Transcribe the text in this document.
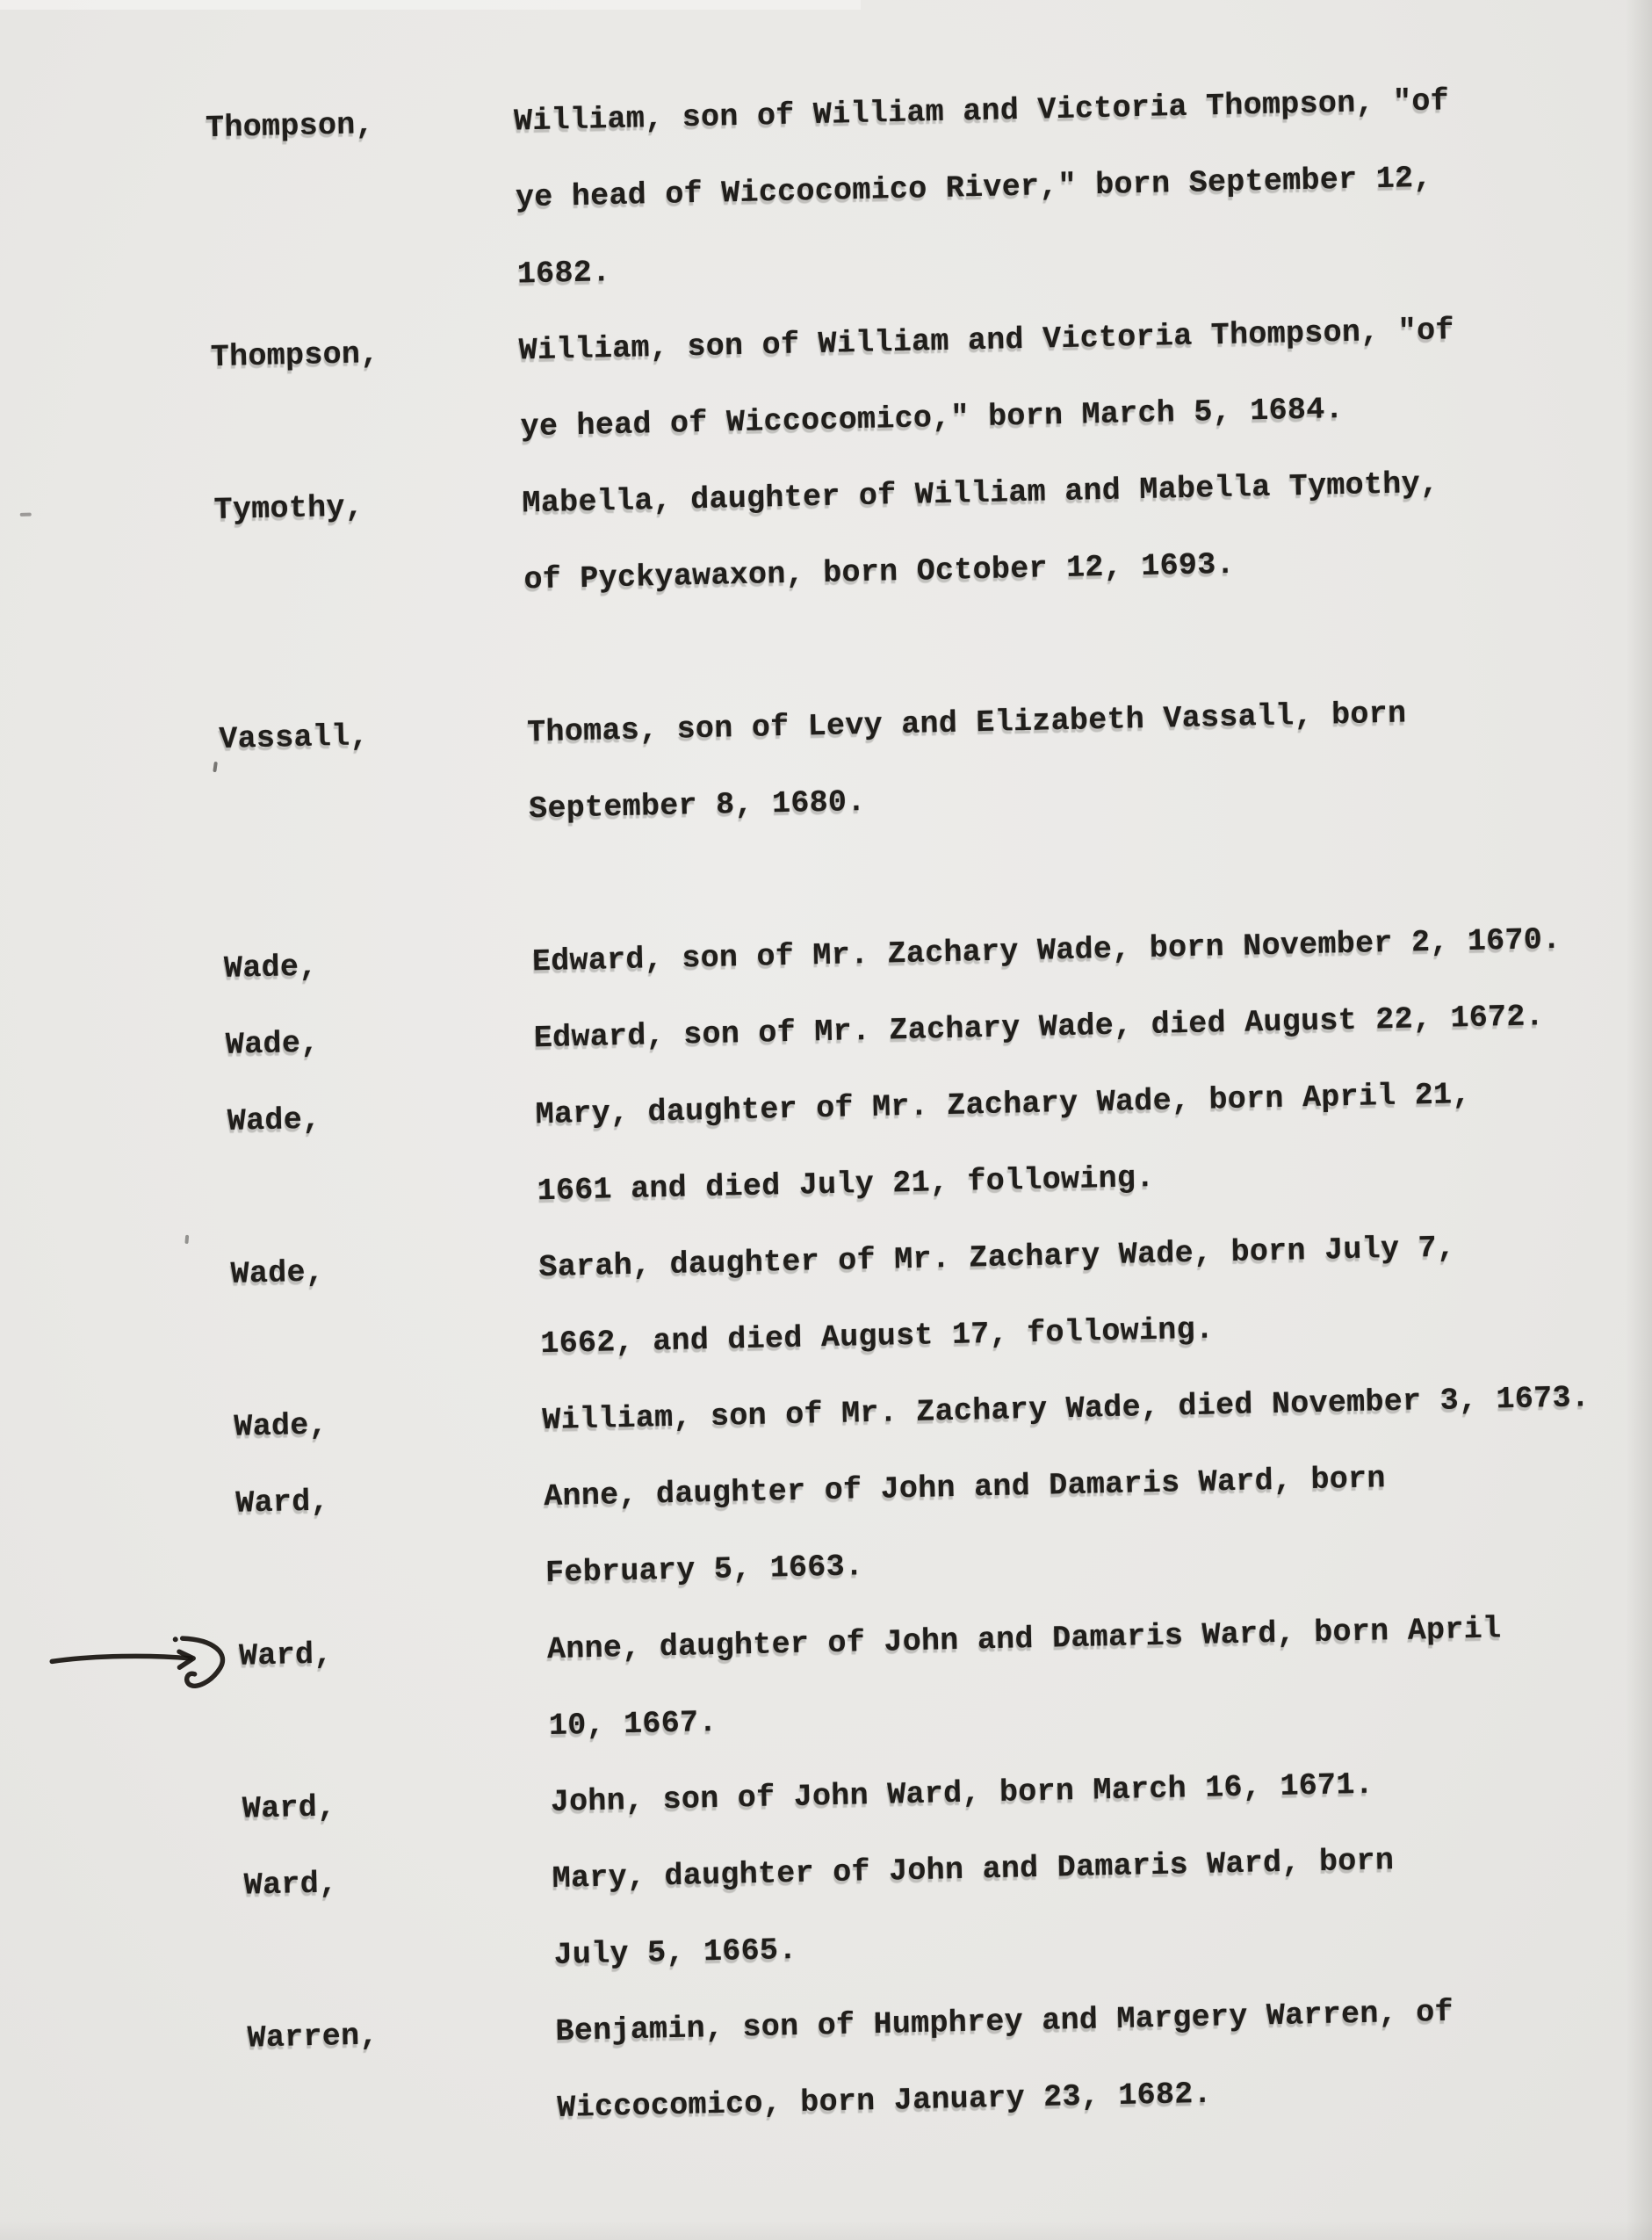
Thompson,	William, son of William and Victoria Thompson, "of
ye head of Wiccocomico River," born September 12,
1682.
Thompson,	William, son of William and Victoria Thompson, "of
ye head of Wiccocomico," born March 5, 1684.
Tymothy,	Mabella, daughter of William and Mabella Tymothy,
of Pyckyawaxon, born October 12, 1693.
Vassall,	Thomas, son of Levy and Elizabeth Vassall, born
September 8, 1680.
Wade,	Edward, son of Mr. Zachary Wade, born November 2, 1670.
Wade,	Edward, son of Mr. Zachary Wade, died August 22, 1672.
Wade,	Mary, daughter of Mr. Zachary Wade, born April 21,
1661 and died July 21, following.
Wade,	Sarah, daughter of Mr. Zachary Wade, born July 7,
1662, and died August 17, following.
Wade,	William, son of Mr. Zachary Wade, died November 3, 1673.
Ward,	Anne, daughter of John and Damaris Ward, born
February 5, 1663.
Ward,	Anne, daughter of John and Damaris Ward, born April
10, 1667.
Ward,	John, son of John Ward, born March 16, 1671.
Ward,	Mary, daughter of John and Damaris Ward, born
July 5, 1665.
Warren,	Benjamin, son of Humphrey and Margery Warren, of
Wiccocomico, born January 23, 1682.
